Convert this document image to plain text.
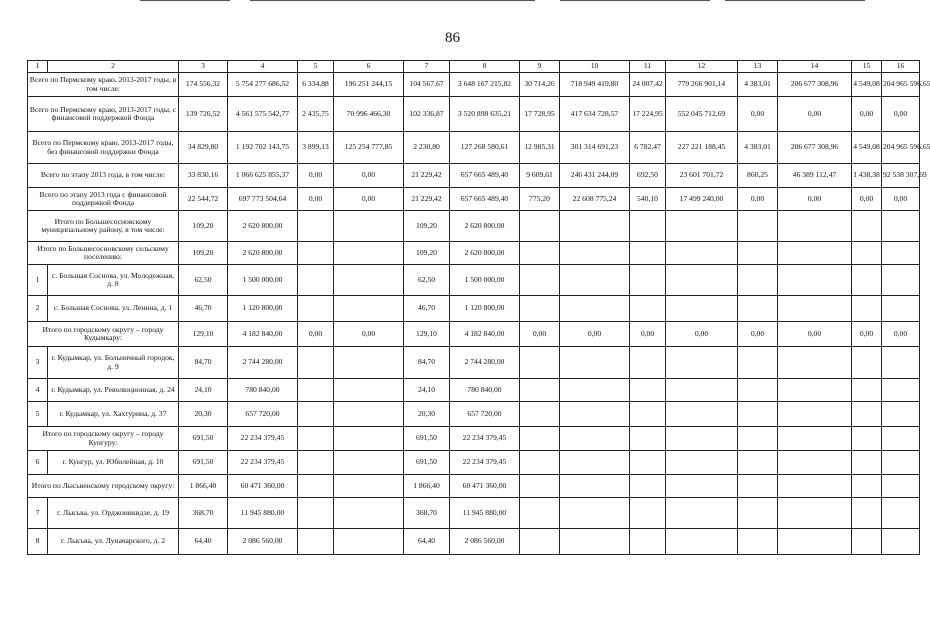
86
1	2	3	4	5	6	7	8	9	10	11	12	13	14	15	16
Всего по Пермскому краю, 2013-2017 годы, в том числе:		174 556,32	5 754 277 686,52	6 334,88	196 251 244,15	104 567,67	3 648 167 215,82	30 714,26	718 949 419,80	24 007,42	779 266 901,14	4 383,01	206 677 308,96	4 549,08	204 965 596,65
Всего по Пермскому краю, 2013-2017 годы, с финансовой поддержкой Фонда		139 726,52	4 561 575 542,77	2 435,75	70 996 466,30	102 336,87	3 520 898 635,21	17 728,95	417 634 728,57	17 224,95	552 045 712,69	0,00	0,00	0,00	0,00
Всего по Пермскому краю, 2013-2017 годы, без финансовой поддержки Фонда		34 829,80	1 192 702 143,75	3 899,13	125 254 777,85	2 230,80	127 268 580,61	12 985,31	301 314 691,23	6 782,47	227 221 188,45	4 383,01	206 677 308,96	4 549,08	204 965 596,65
Всего по этапу 2013 года, в том числе:		33 830,16	1 066 625 855,37	0,00	0,00	21 229,42	657 665 489,40	9 609,61	246 431 244,09	692,50	23 601 701,72	860,25	46 389 112,47	1 438,38	92 538 307,69
Всего по этапу 2013 года с финансовой поддержкой Фонда		22 544,72	697 773 504,64	0,00	0,00	21 229,42	657 665 489,40	775,20	22 608 775,24	540,10	17 499 240,00	0,00	0,00	0,00	0,00
Итого по Большесосновскому муниципальному району, в том числе:		109,20	2 620 800,00			109,20	2 620 800,00								
Итого по Большесосновскому сельскому поселению:		109,20	2 620 800,00			109,20	2 620 800,00								
1	с. Большая Соснова, ул. Молодежная, д. 8	62,50	1 500 000,00			62,50	1 500 000,00								
2	с. Большая Соснова, ул. Ленина, д. 1	46,70	1 120 800,00			46,70	1 120 800,00								
Итого по городскому округу – городу Кудымкару:		129,10	4 182 840,00	0,00	0,00	129,10	4 182 840,00	0,00	0,00	0,00	0,00	0,00	0,00	0,00	0,00
3	г. Кудымкар, ул. Больничный городок, д. 9	84,70	2 744 280,00			84,70	2 744 280,00								
4	г. Кудымкар, ул. Революционная, д. 24	24,10	780 840,00			24,10	780 840,00								
5	г. Кудымкар, ул. Хахтурина, д. 37	20,30	657 720,00			20,30	657 720,00								
Итого по городскому округу – городу Кунгуру:		691,50	22 234 379,45			691,50	22 234 379,45								
6	г. Кунгур, ул. Юбилейная, д. 10	691,50	22 234 379,45			691,50	22 234 379,45								
Итого по Лысьвенскому городскому округу:		1 866,40	60 471 360,00			1 866,40	60 471 360,00								
7	г. Лысьва, ул. Орджоникидзе, д. 19	368,70	11 945 880,00			368,70	11 945 880,00								
8	г. Лысьва, ул. Луначарского, д. 2	64,40	2 086 560,00			64,40	2 086 560,00								
